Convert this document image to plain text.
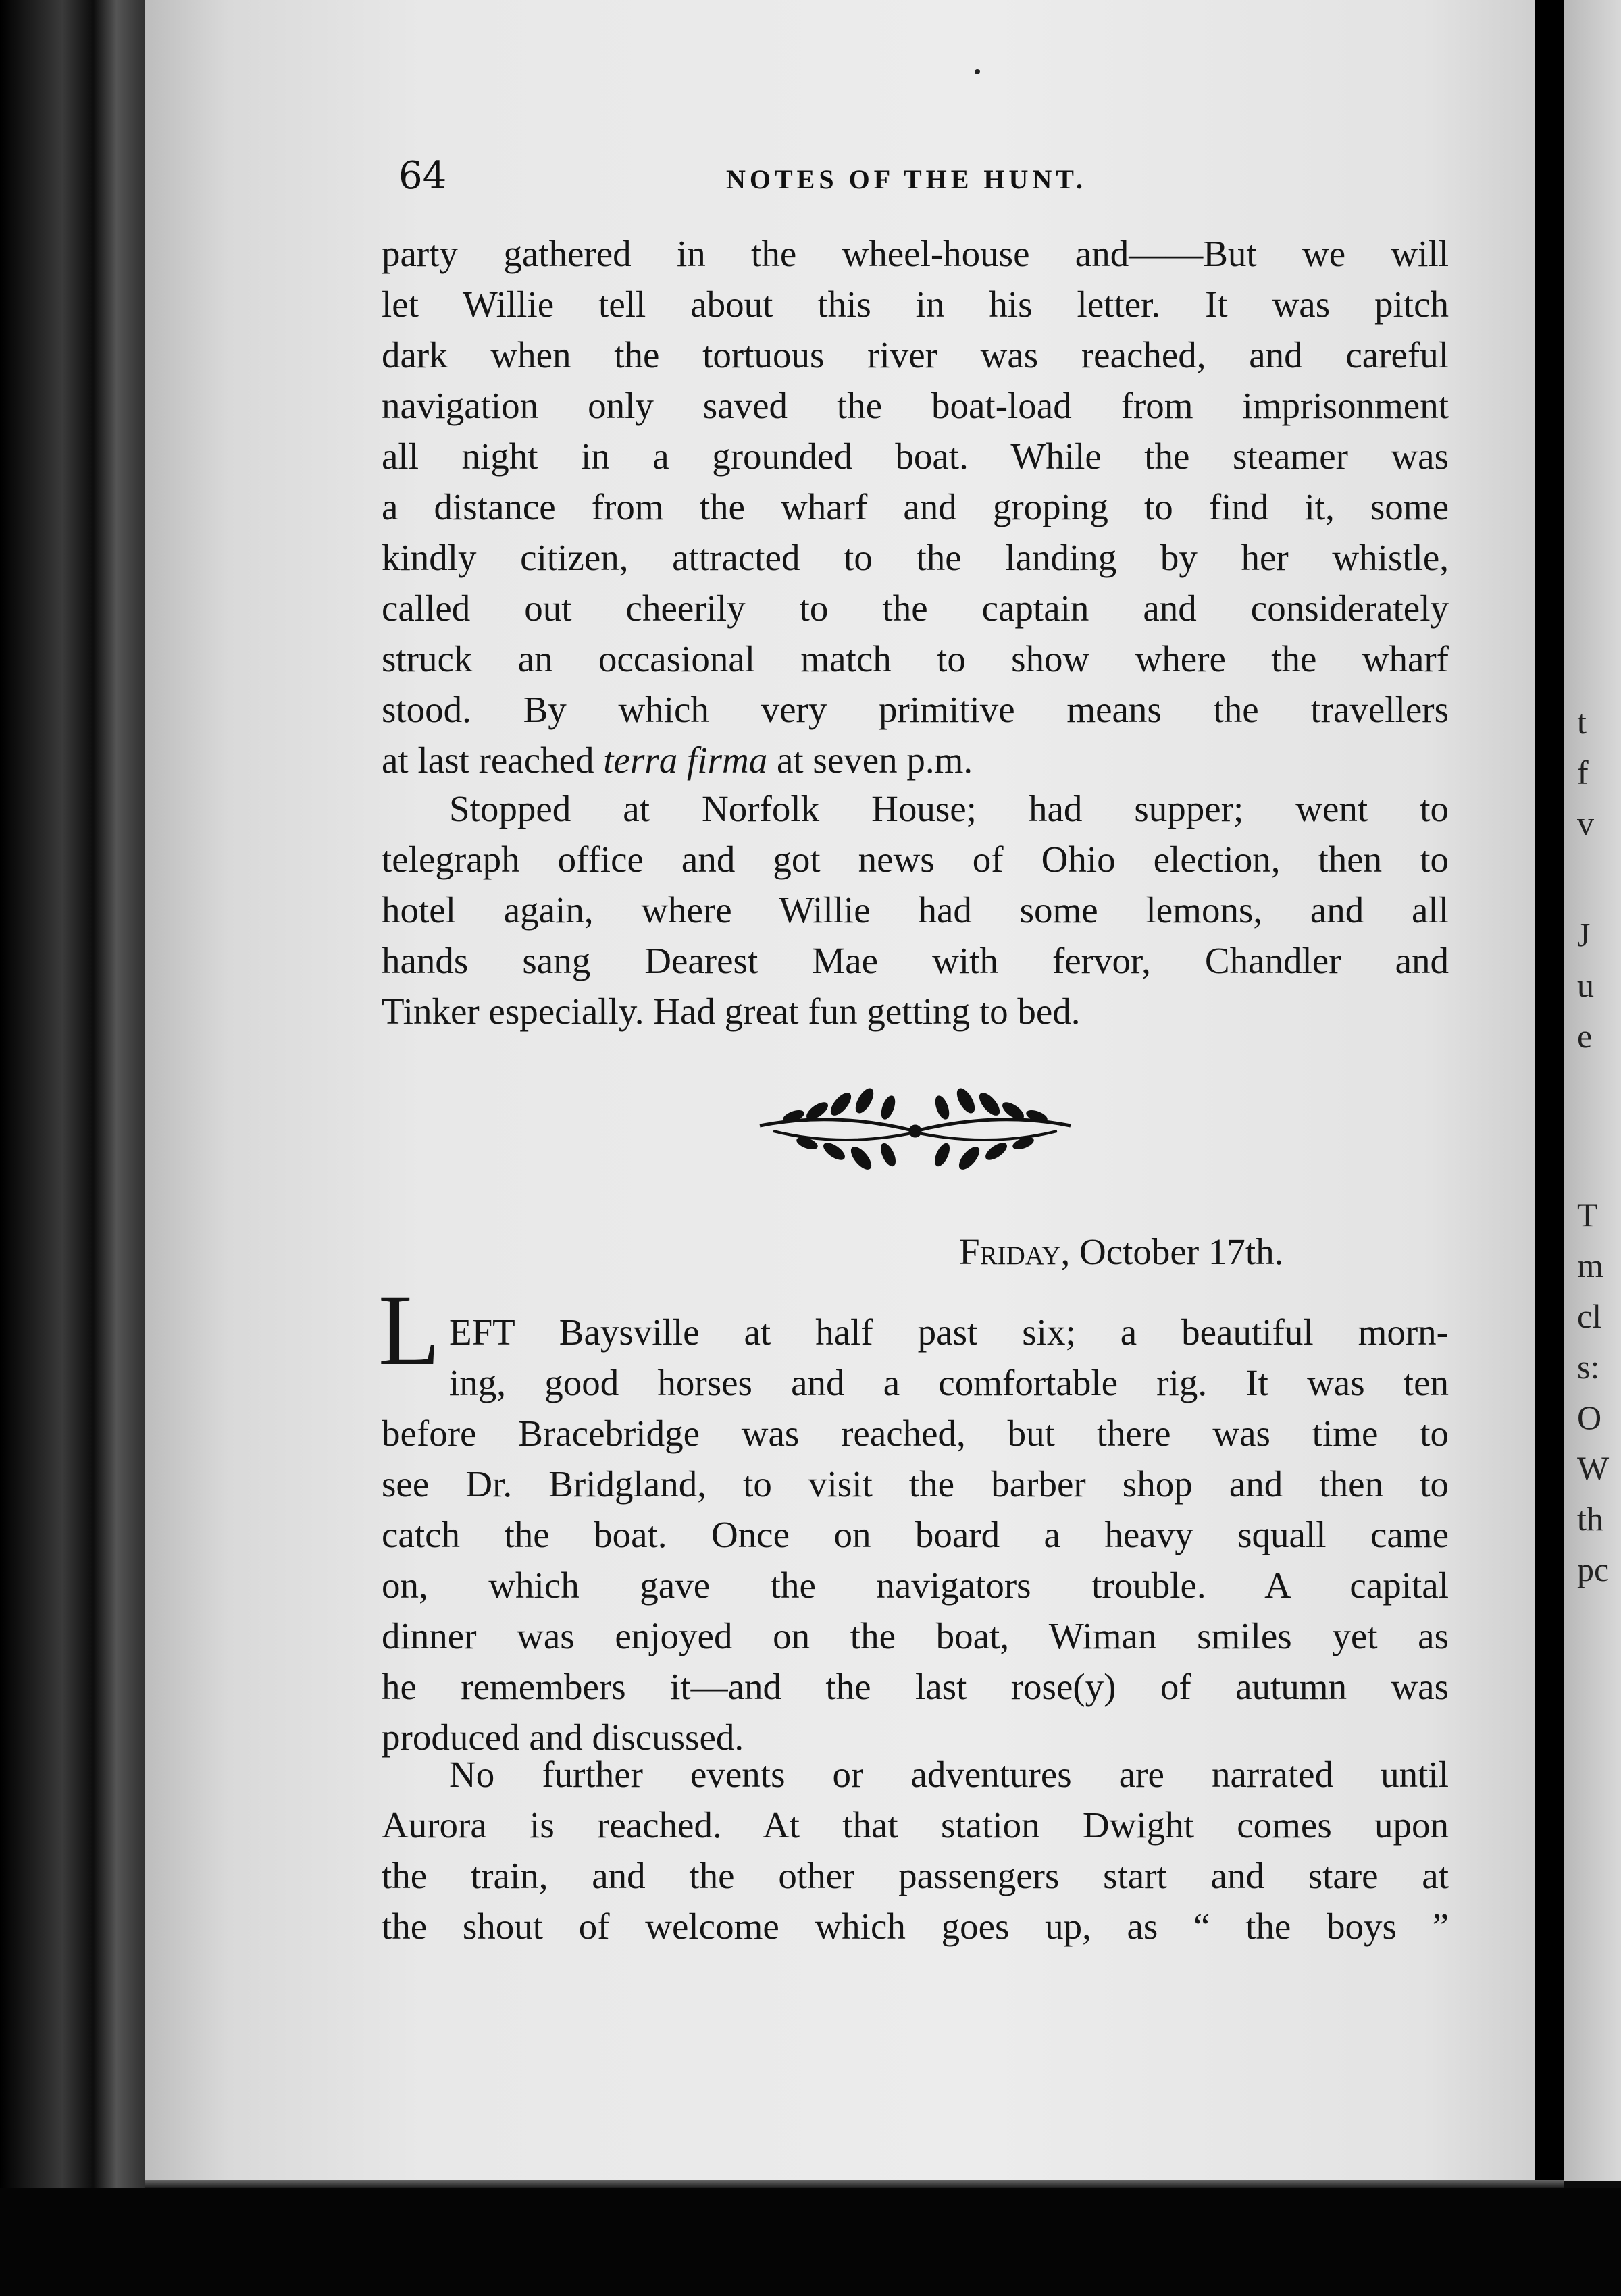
64	NOTES OF THE HUNT.
party gathered in the wheel-house and——But we will
let Willie tell about this in his letter. It was pitch
dark when the tortuous river was reached, and careful
navigation only saved the boat-load from imprisonment
all night in a grounded boat. While the steamer was
a distance from the wharf and groping to find it, some
kindly citizen, attracted to the landing by her whistle,
called out cheerily to the captain and considerately
struck an occasional match to show where the wharf
stood. By which very primitive means the travellers
at last reached terra firma at seven p.m.
Stopped at Norfolk House; had supper; went to
telegraph office and got news of Ohio election, then to
hotel again, where Willie had some lemons, and all
hands sang Dearest Mae with fervor, Chandler and
Tinker especially. Had great fun getting to bed.
Friday, October 17th.
L EFT Baysville at half past six; a beautiful morn-
ing, good horses and a comfortable rig. It was ten
before Bracebridge was reached, but there was time to
see Dr. Bridgland, to visit the barber shop and then to
catch the boat. Once on board a heavy squall came
on, which gave the navigators trouble. A capital
dinner was enjoyed on the boat, Wiman smiles yet as
he remembers it—and the last rose(y) of autumn was
produced and discussed.
No further events or adventures are narrated until
Aurora is reached. At that station Dwight comes upon
the train, and the other passengers start and stare at
the shout of welcome which goes up, as “ the boys ”
t
f
v
J
u
e
T
m
cl
s:
O
W
th
pc
